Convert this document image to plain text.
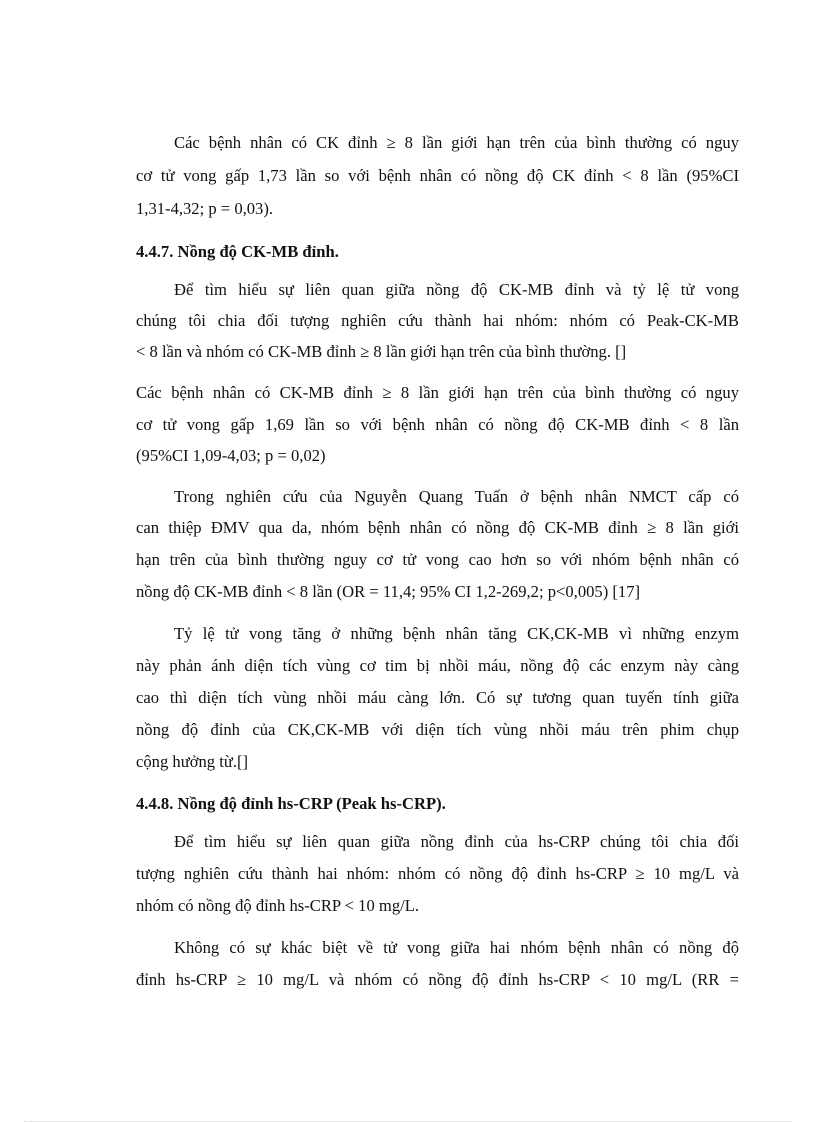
Các bệnh nhân có CK đỉnh ≥ 8 lần giới hạn trên của bình thường có nguy
cơ tử vong gấp 1,73 lần so với bệnh nhân có nồng độ CK đỉnh < 8 lần (95%CI
1,31-4,32; p = 0,03).
4.4.7. Nồng độ CK-MB đỉnh.
Để tìm hiểu sự liên quan giữa nồng độ CK-MB đỉnh và tỷ lệ tử vong
chúng tôi chia đối tượng nghiên cứu thành hai nhóm: nhóm có Peak-CK-MB
< 8 lần và nhóm có CK-MB đỉnh ≥ 8 lần giới hạn trên của bình thường. []
Các bệnh nhân có CK-MB đỉnh ≥ 8 lần giới hạn trên của bình thường có nguy
cơ tử vong gấp 1,69 lần so với bệnh nhân có nồng độ CK-MB đỉnh < 8 lần
(95%CI 1,09-4,03; p = 0,02)
Trong nghiên cứu của Nguyễn Quang Tuấn ở bệnh nhân NMCT cấp có
can thiệp ĐMV qua da, nhóm bệnh nhân có nồng độ CK-MB đỉnh ≥ 8 lần giới
hạn trên của bình thường nguy cơ tử vong cao hơn so với nhóm bệnh nhân có
nồng độ CK-MB đỉnh < 8 lần (OR = 11,4; 95% CI 1,2-269,2; p<0,005) [17]
Tỷ lệ tử vong tăng ở những bệnh nhân tăng CK,CK-MB vì những enzym
này phản ánh diện tích vùng cơ tim bị nhồi máu, nồng độ các enzym này càng
cao thì diện tích vùng nhồi máu càng lớn. Có sự tương quan tuyến tính giữa
nồng độ đỉnh của CK,CK-MB với diện tích vùng nhồi máu trên phim chụp
cộng hưởng từ.[]
4.4.8. Nồng độ đỉnh hs-CRP (Peak hs-CRP).
Để tìm hiểu sự liên quan giữa nồng đỉnh của hs-CRP chúng tôi chia đối
tượng nghiên cứu thành hai nhóm: nhóm có nồng độ đỉnh hs-CRP ≥ 10 mg/L và
nhóm có nồng độ đỉnh hs-CRP < 10 mg/L.
Không có sự khác biệt về tử vong giữa hai nhóm bệnh nhân có nồng độ
đỉnh hs-CRP ≥ 10 mg/L và nhóm có nồng độ đỉnh hs-CRP < 10 mg/L (RR =
